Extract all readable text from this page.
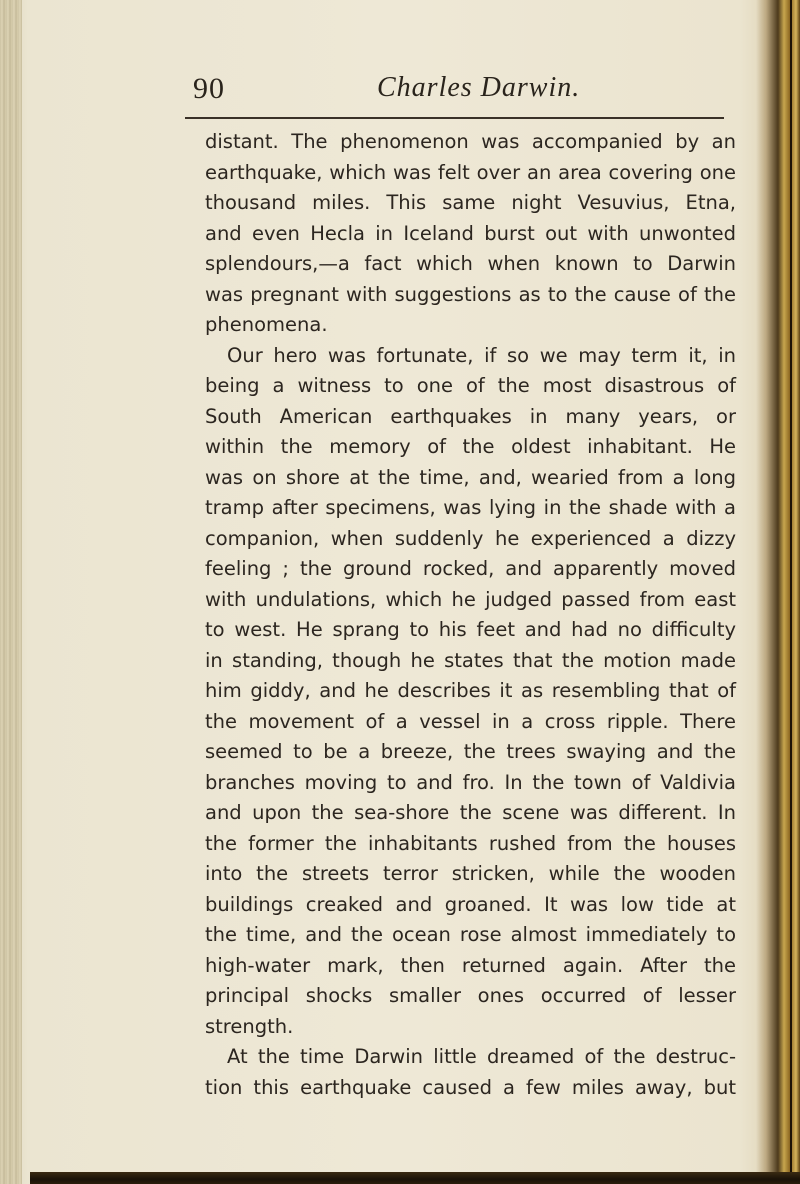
90	Charles Darwin.
distant. The phenomenon was accompanied by an
earthquake, which was felt over an area covering one
thousand miles. This same night Vesuvius, Etna,
and even Hecla in Iceland burst out with unwonted
splendours,—a fact which when known to Darwin
was pregnant with suggestions as to the cause of the
phenomena.
Our hero was fortunate, if so we may term it, in
being a witness to one of the most disastrous of
South American earthquakes in many years, or
within the memory of the oldest inhabitant. He
was on shore at the time, and, wearied from a long
tramp after specimens, was lying in the shade with a
companion, when suddenly he experienced a dizzy
feeling ; the ground rocked, and apparently moved
with undulations, which he judged passed from east
to west. He sprang to his feet and had no difficulty
in standing, though he states that the motion made
him giddy, and he describes it as resembling that of
the movement of a vessel in a cross ripple. There
seemed to be a breeze, the trees swaying and the
branches moving to and fro. In the town of Valdivia
and upon the sea-shore the scene was different. In
the former the inhabitants rushed from the houses
into the streets terror stricken, while the wooden
buildings creaked and groaned. It was low tide at
the time, and the ocean rose almost immediately to
high-water mark, then returned again. After the
principal shocks smaller ones occurred of lesser
strength.
At the time Darwin little dreamed of the destruc-
tion this earthquake caused a few miles away, but
